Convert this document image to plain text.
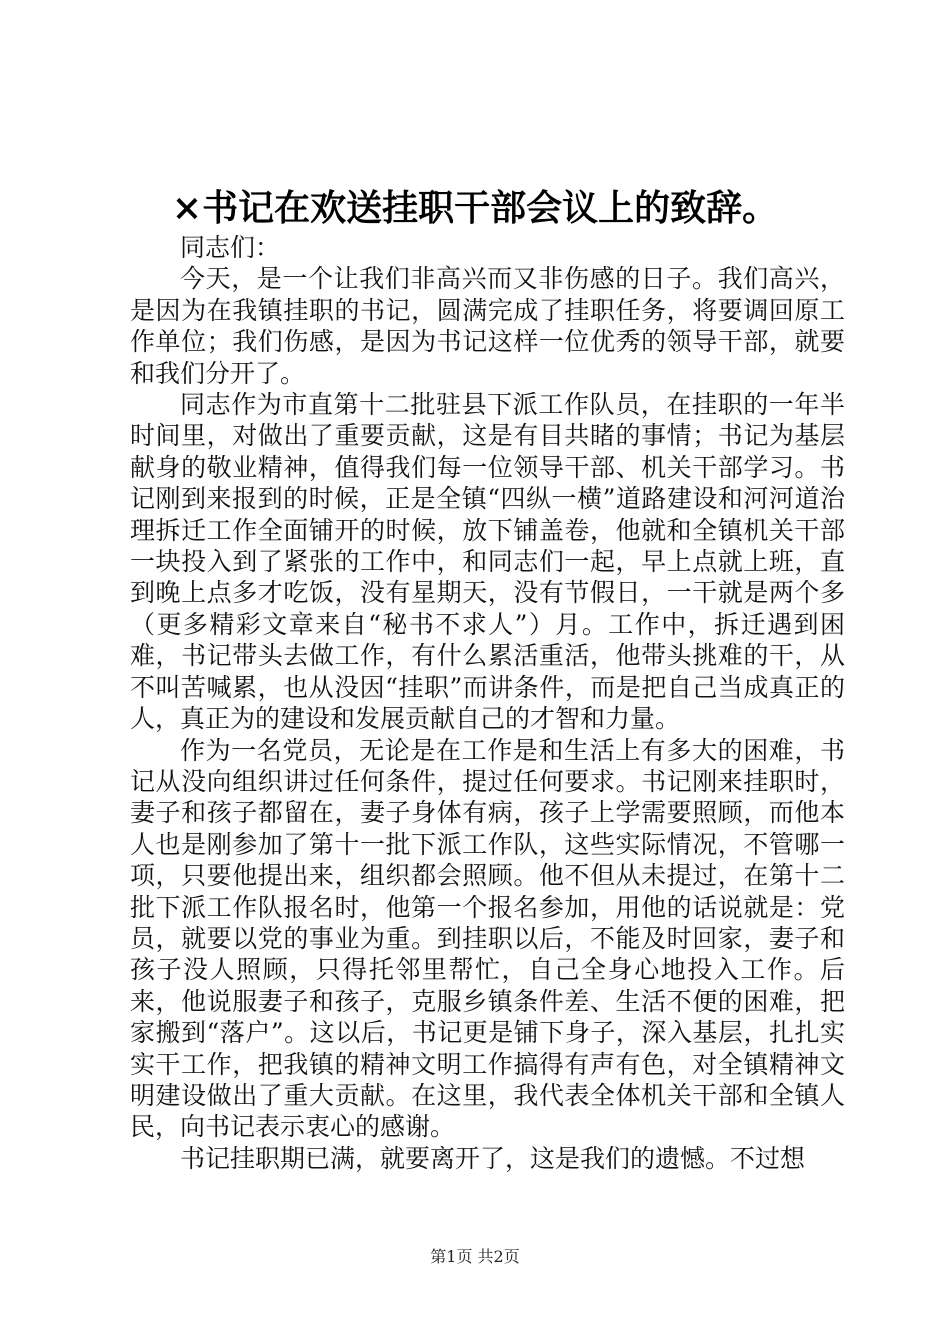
×书记在欢送挂职干部会议上的致辞。

同志们：

今天，是一个让我们非高兴而又非伤感的日子。我们高兴，是因为在我镇挂职的书记，圆满完成了挂职任务，将要调回原工作单位；我们伤感，是因为书记这样一位优秀的领导干部，就要和我们分开了。

同志作为市直第十二批驻县下派工作队员，在挂职的一年半时间里，对做出了重要贡献，这是有目共睹的事情；书记为基层献身的敬业精神，值得我们每一位领导干部、机关干部学习。书记刚到来报到的时候，正是全镇“四纵一横”道路建设和河河道治理拆迁工作全面铺开的时候，放下铺盖卷，他就和全镇机关干部一块投入到了紧张的工作中，和同志们一起，早上点就上班，直到晚上点多才吃饭，没有星期天，没有节假日，一干就是两个多（更多精彩文章来自“秘书不求人”）月。工作中，拆迁遇到困难，书记带头去做工作，有什么累活重活，他带头挑难的干，从不叫苦喊累，也从没因“挂职”而讲条件，而是把自己当成真正的人，真正为的建设和发展贡献自己的才智和力量。

作为一名党员，无论是在工作是和生活上有多大的困难，书记从没向组织讲过任何条件，提过任何要求。书记刚来挂职时，妻子和孩子都留在，妻子身体有病，孩子上学需要照顾，而他本人也是刚参加了第十一批下派工作队，这些实际情况，不管哪一项，只要他提出来，组织都会照顾。他不但从未提过，在第十二批下派工作队报名时，他第一个报名参加，用他的话说就是：党员，就要以党的事业为重。到挂职以后，不能及时回家，妻子和孩子没人照顾，只得托邻里帮忙，自己全身心地投入工作。后来，他说服妻子和孩子，克服乡镇条件差、生活不便的困难，把家搬到“落户”。这以后，书记更是铺下身子，深入基层，扎扎实实干工作，把我镇的精神文明工作搞得有声有色，对全镇精神文明建设做出了重大贡献。在这里，我代表全体机关干部和全镇人民，向书记表示衷心的感谢。

书记挂职期已满，就要离开了，这是我们的遗憾。不过想

第1页 共2页
